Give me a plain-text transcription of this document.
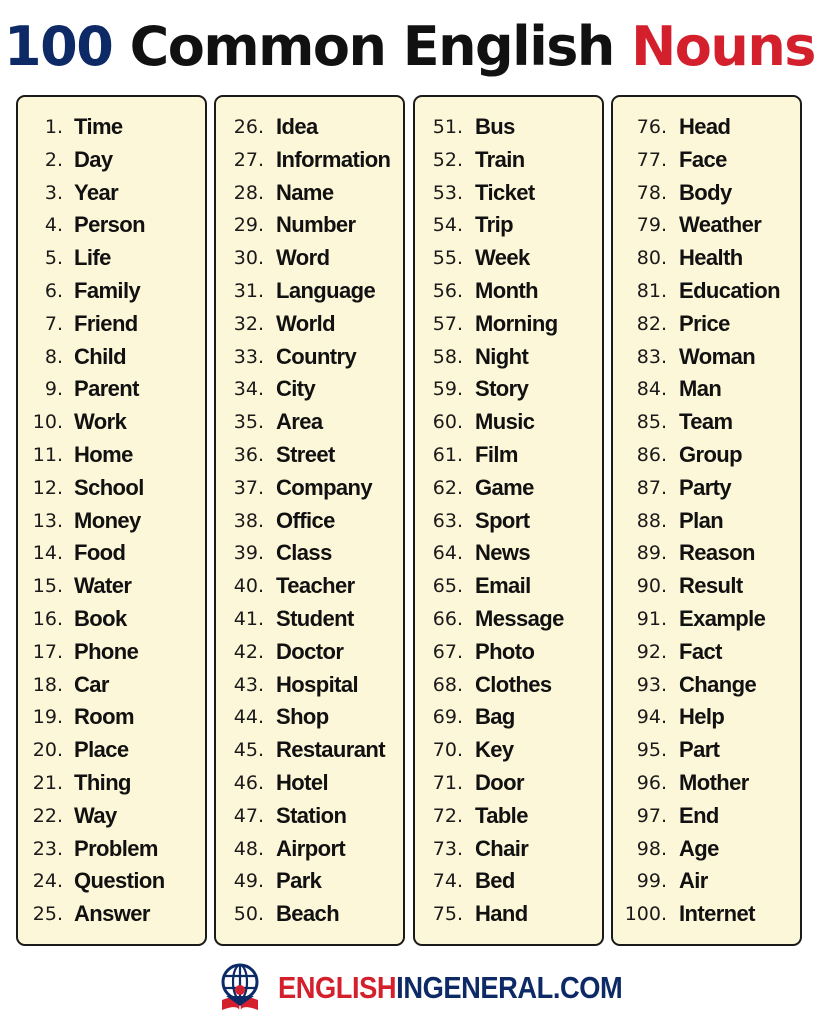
100 Common English Nouns
1. Time
2. Day
3. Year
4. Person
5. Life
6. Family
7. Friend
8. Child
9. Parent
10. Work
11. Home
12. School
13. Money
14. Food
15. Water
16. Book
17. Phone
18. Car
19. Room
20. Place
21. Thing
22. Way
23. Problem
24. Question
25. Answer
26. Idea
27. Information
28. Name
29. Number
30. Word
31. Language
32. World
33. Country
34. City
35. Area
36. Street
37. Company
38. Office
39. Class
40. Teacher
41. Student
42. Doctor
43. Hospital
44. Shop
45. Restaurant
46. Hotel
47. Station
48. Airport
49. Park
50. Beach
51. Bus
52. Train
53. Ticket
54. Trip
55. Week
56. Month
57. Morning
58. Night
59. Story
60. Music
61. Film
62. Game
63. Sport
64. News
65. Email
66. Message
67. Photo
68. Clothes
69. Bag
70. Key
71. Door
72. Table
73. Chair
74. Bed
75. Hand
76. Head
77. Face
78. Body
79. Weather
80. Health
81. Education
82. Price
83. Woman
84. Man
85. Team
86. Group
87. Party
88. Plan
89. Reason
90. Result
91. Example
92. Fact
93. Change
94. Help
95. Part
96. Mother
97. End
98. Age
99. Air
100. Internet
ENGLISHINGENERAL.COM
